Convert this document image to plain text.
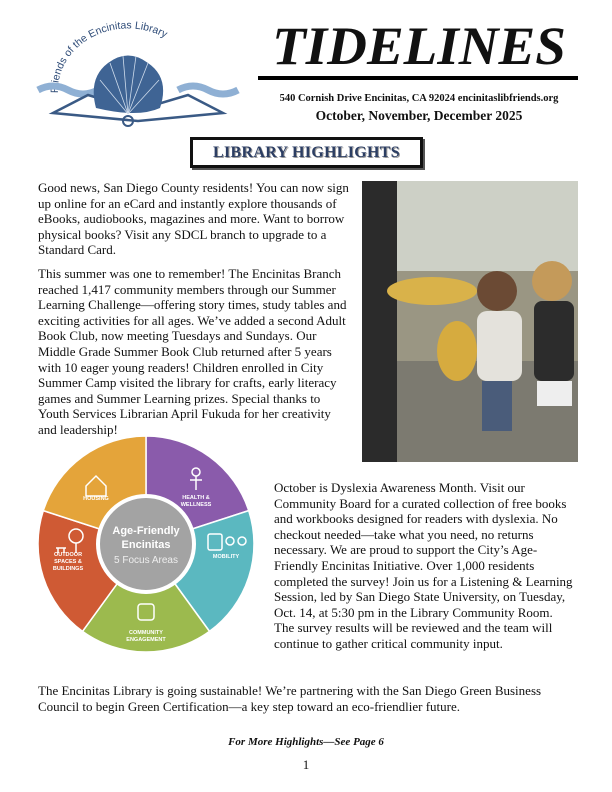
Friends of the Encinitas Library	TIDELINES
540 Cornish Drive Encinitas, CA 92024 encinitaslibfriends.org
October, November, December 2025
LIBRARY HIGHLIGHTS
Good news, San Diego County residents! You can now sign up online for an eCard and instantly explore thousands of eBooks, audiobooks, magazines and more. Want to borrow physical books? Visit any SDCL branch to upgrade to a Standard Card.
This summer was one to remember! The Encinitas Branch reached 1,417 community members through our Summer Learning Challenge—offering story times, study tables and exciting activities for all ages. We’ve added a second Adult Book Club, now meeting Tuesdays and Sundays. Our Middle Grade Summer Book Club returned after 5 years with 10 eager young readers! Children enrolled in City Summer Camp visited the library for crafts, early literacy games and Summer Learning prizes. Special thanks to Youth Services Librarian April Fukuda for her creativity and leadership!
Age-Friendly
Encinitas
5 Focus Areas
HEALTH &
WELLNESS
MOBILITY
COMMUNITY
ENGAGEMENT
OUTDOOR
SPACES &
BUILDINGS
HOUSING
October is Dyslexia Awareness Month. Visit our Community Board for a curated collection of free books and workbooks designed for readers with dyslexia. No checkout needed—take what you need, no returns necessary. We are proud to support the City’s Age-Friendly Encinitas Initiative. Over 1,000 residents completed the survey! Join us for a Listening & Learning Session, led by San Diego State University, on Tuesday, Oct. 14, at 5:30 pm in the Library Community Room. The survey results will be reviewed and the team will continue to gather critical community input.
The Encinitas Library is going sustainable! We’re partnering with the San Diego Green Business Council to begin Green Certification—a key step toward an eco-friendlier future.
For More Highlights—See Page 6
1
